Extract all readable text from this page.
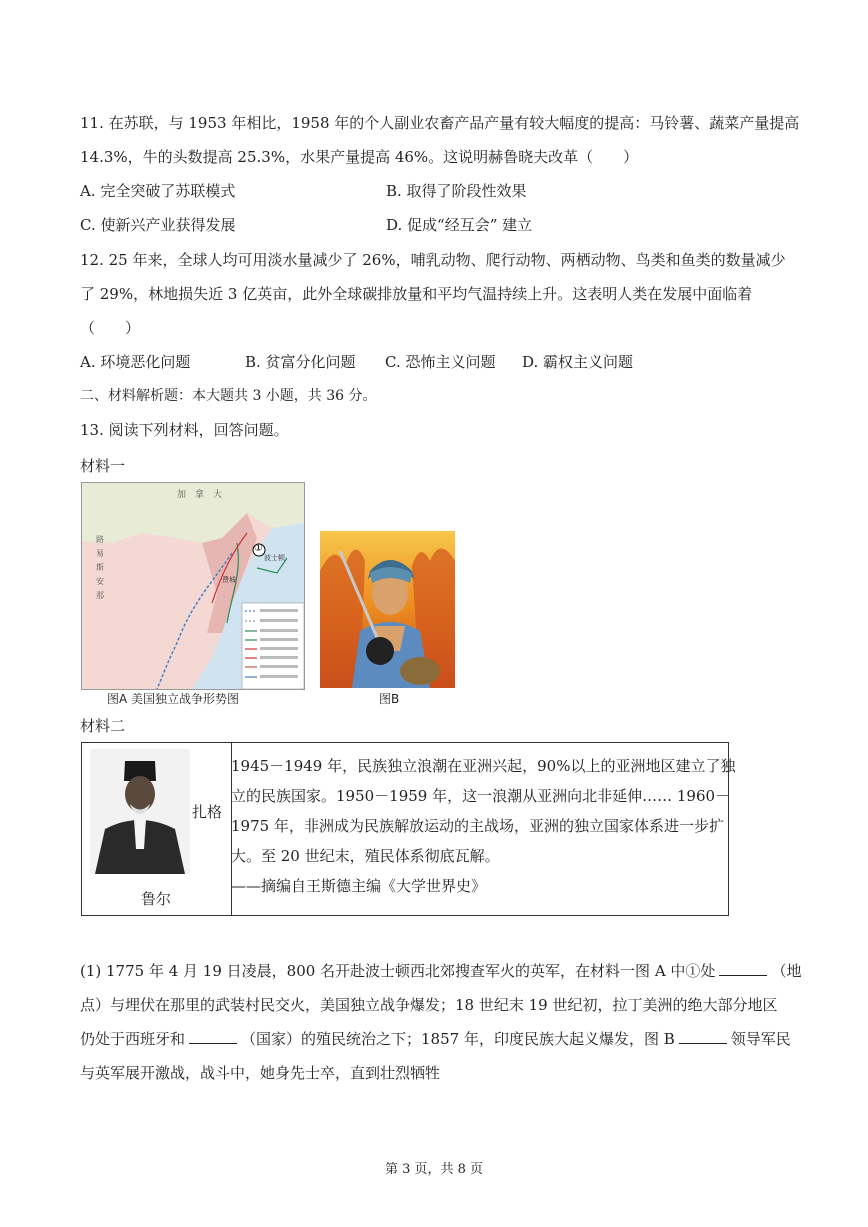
11. 在苏联，与 1953 年相比，1958 年的个人副业农畜产品产量有较大幅度的提高：马铃薯、蔬菜产量提高
14.3%，牛的头数提高 25.3%，水果产量提高 46%。这说明赫鲁晓夫改革（　　）
A. 完全突破了苏联模式	B. 取得了阶段性效果
C. 使新兴产业获得发展	D. 促成“经互会” 建立
12. 25 年来，全球人均可用淡水量减少了 26%，哺乳动物、爬行动物、两栖动物、鸟类和鱼类的数量减少
了 29%，林地损失近 3 亿英亩，此外全球碳排放量和平均气温持续上升。这表明人类在发展中面临着
（　　）
A. 环境恶化问题	B. 贫富分化问题 C. 恐怖主义问题 D. 霸权主义问题
二、材料解析题：本大题共 3 小题，共 36 分。
13. 阅读下列材料，回答问题。
材料一
加　拿　大
路易斯安那
①
波士顿
费城
图A 美国独立战争形势图	图B
材料二
扎格
鲁尔
1945－1949 年，民族独立浪潮在亚洲兴起，90%以上的亚洲地区建立了独
立的民族国家。1950－1959 年，这一浪潮从亚洲向北非延伸…… 1960－
1975 年，非洲成为民族解放运动的主战场，亚洲的独立国家体系进一步扩
大。至 20 世纪末，殖民体系彻底瓦解。
——摘编自王斯德主编《大学世界史》
(1) 1775 年 4 月 19 日凌晨，800 名开赴波士顿西北郊搜查军火的英军，在材料一图 A 中①处	（地
点）与埋伏在那里的武装村民交火，美国独立战争爆发；18 世纪末 19 世纪初，拉丁美洲的绝大部分地区
仍处于西班牙和	（国家）的殖民统治之下；1857 年，印度民族大起义爆发，图 B	领导军民
与英军展开激战，战斗中，她身先士卒，直到壮烈牺牲
第 3 页，共 8 页
